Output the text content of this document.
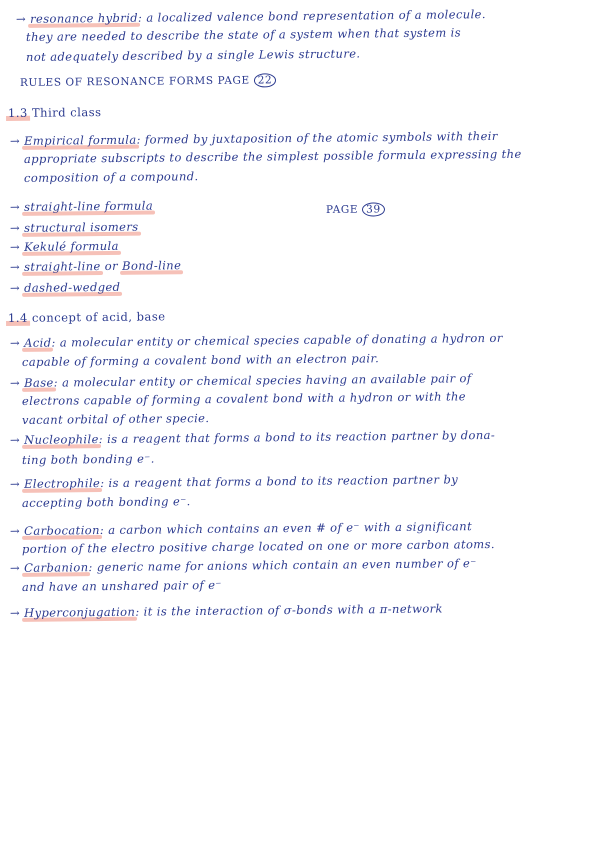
→ resonance hybrid: a localized valence bond representation of a molecule.
they are needed to describe the state of a system when that system is
not adequately described by a single Lewis structure.
RULES OF RESONANCE FORMS PAGE 22
1.3 Third class
→ Empirical formula: formed by juxtaposition of the atomic symbols with their
appropriate subscripts to describe the simplest possible formula expressing the
composition of a compound.
→ straight-line formula	PAGE 39
→ structural isomers
→ Kekulé formula
→ straight-line or Bond-line
→ dashed-wedged
1.4 concept of acid, base
→ Acid: a molecular entity or chemical species capable of donating a hydron or
capable of forming a covalent bond with an electron pair.
→ Base: a molecular entity or chemical species having an available pair of
electrons capable of forming a covalent bond with a hydron or with the
vacant orbital of other specie.
→ Nucleophile: is a reagent that forms a bond to its reaction partner by dona-
ting both bonding e⁻.
→ Electrophile: is a reagent that forms a bond to its reaction partner by
accepting both bonding e⁻.
→ Carbocation: a carbon which contains an even # of e⁻ with a significant
portion of the electro positive charge located on one or more carbon atoms.
→ Carbanion: generic name for anions which contain an even number of e⁻
and have an unshared pair of e⁻
→ Hyperconjugation: it is the interaction of σ-bonds with a π-network
